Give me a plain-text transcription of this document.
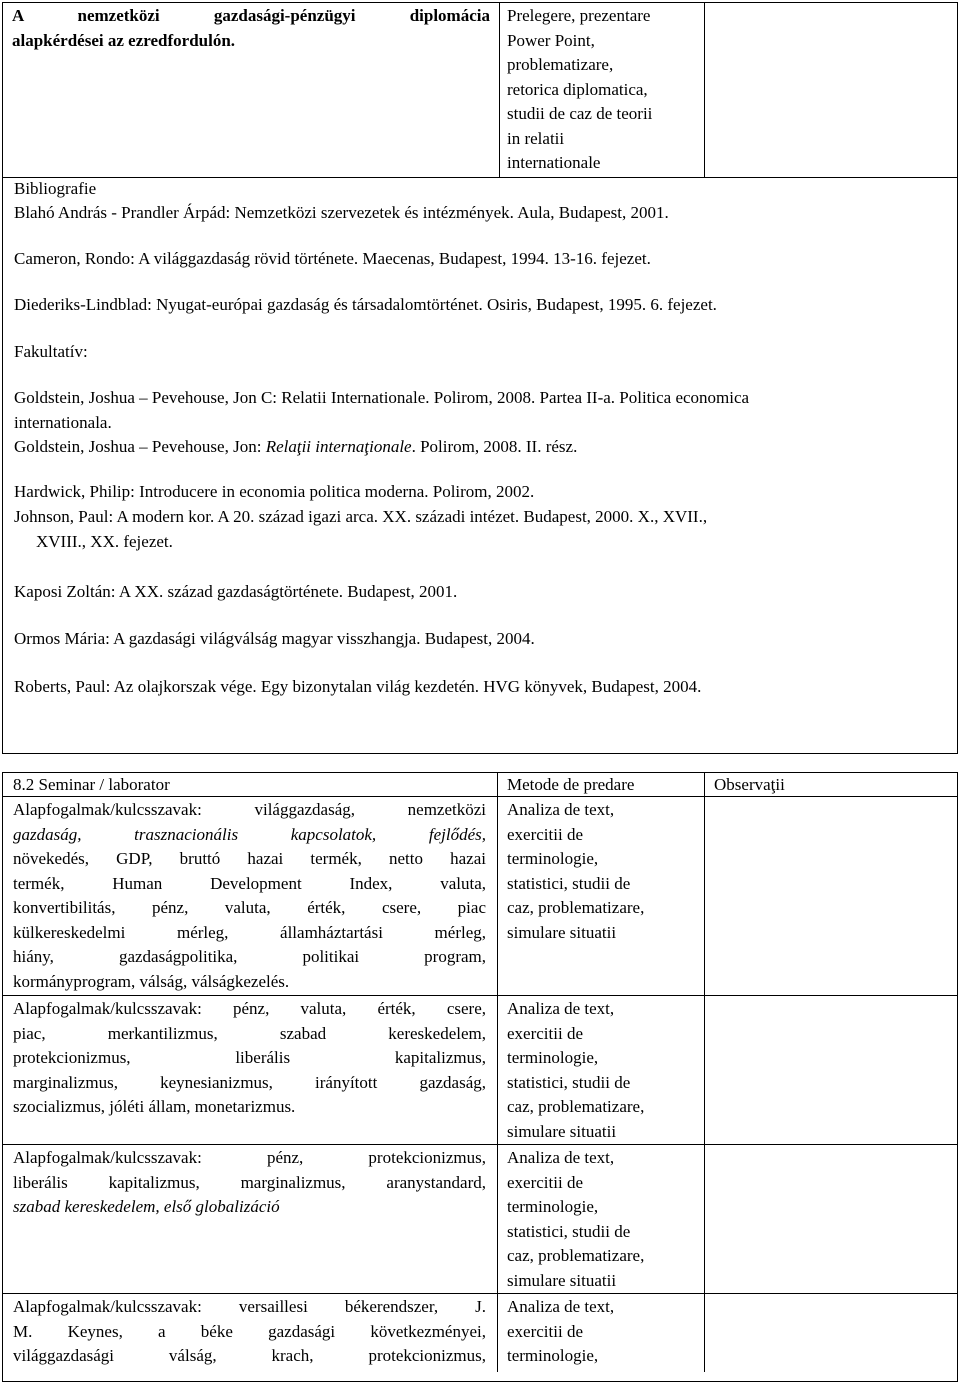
A      nemzetközi      gazdasági-pénzügyi      diplomácia
alapkérdései az ezredfordulón.
Prelegere, prezentare
Power Point,
problematizare,
retorica diplomatica,
studii de caz de teorii
in relatii
internationale
Bibliografie
Blahó András - Prandler Árpád: Nemzetközi szervezetek és intézmények. Aula, Budapest, 2001.
Cameron, Rondo: A világgazdaság rövid története. Maecenas, Budapest, 1994. 13-16. fejezet.
Diederiks-Lindblad: Nyugat-európai gazdaság és társadalomtörténet. Osiris, Budapest, 1995. 6. fejezet.
Fakultatív:
Goldstein, Joshua – Pevehouse, Jon C: Relatii Internationale. Polirom, 2008. Partea II-a. Politica economica
internationala.
Goldstein, Joshua – Pevehouse, Jon: Relaţii internaţionale. Polirom, 2008. II. rész.
Hardwick, Philip: Introducere in economia politica moderna. Polirom, 2002.
Johnson, Paul: A modern kor. A 20. század igazi arca. XX. századi intézet. Budapest, 2000. X., XVII.,
XVIII., XX. fejezet.
Kaposi Zoltán: A XX. század gazdaságtörténete. Budapest, 2001.
Ormos Mária: A gazdasági világválság magyar visszhangja. Budapest, 2004.
Roberts, Paul: Az olajkorszak vége. Egy bizonytalan világ kezdetén. HVG könyvek, Budapest, 2004.
8.2 Seminar / laborator	Metode de predare	Observaţii
Alapfogalmak/kulcsszavak: világgazdaság, nemzetközi
gazdaság, trasznacionális kapcsolatok, fejlődés,
növekedés, GDP, bruttó hazai termék, netto hazai
termék, Human Development Index, valuta,
konvertibilitás, pénz, valuta, érték, csere, piac
külkereskedelmi mérleg, államháztartási mérleg,
hiány, gazdaságpolitika, politikai program,
kormányprogram, válság, válságkezelés.
Analiza de text,
exercitii de
terminologie,
statistici, studii de
caz, problematizare,
simulare situatii
Alapfogalmak/kulcsszavak: pénz, valuta, érték, csere,
piac, merkantilizmus, szabad kereskedelem,
protekcionizmus, liberális kapitalizmus,
marginalizmus, keynesianizmus, irányított gazdaság,
szocializmus, jóléti állam, monetarizmus.
Analiza de text,
exercitii de
terminologie,
statistici, studii de
caz, problematizare,
simulare situatii
Alapfogalmak/kulcsszavak: pénz, protekcionizmus,
liberális kapitalizmus, marginalizmus, aranystandard,
szabad kereskedelem, első globalizáció
Analiza de text,
exercitii de
terminologie,
statistici, studii de
caz, problematizare,
simulare situatii
Alapfogalmak/kulcsszavak: versaillesi békerendszer, J.
M. Keynes, a béke gazdasági következményei,
világgazdasági válság, krach, protekcionizmus,
Analiza de text,
exercitii de
terminologie,
